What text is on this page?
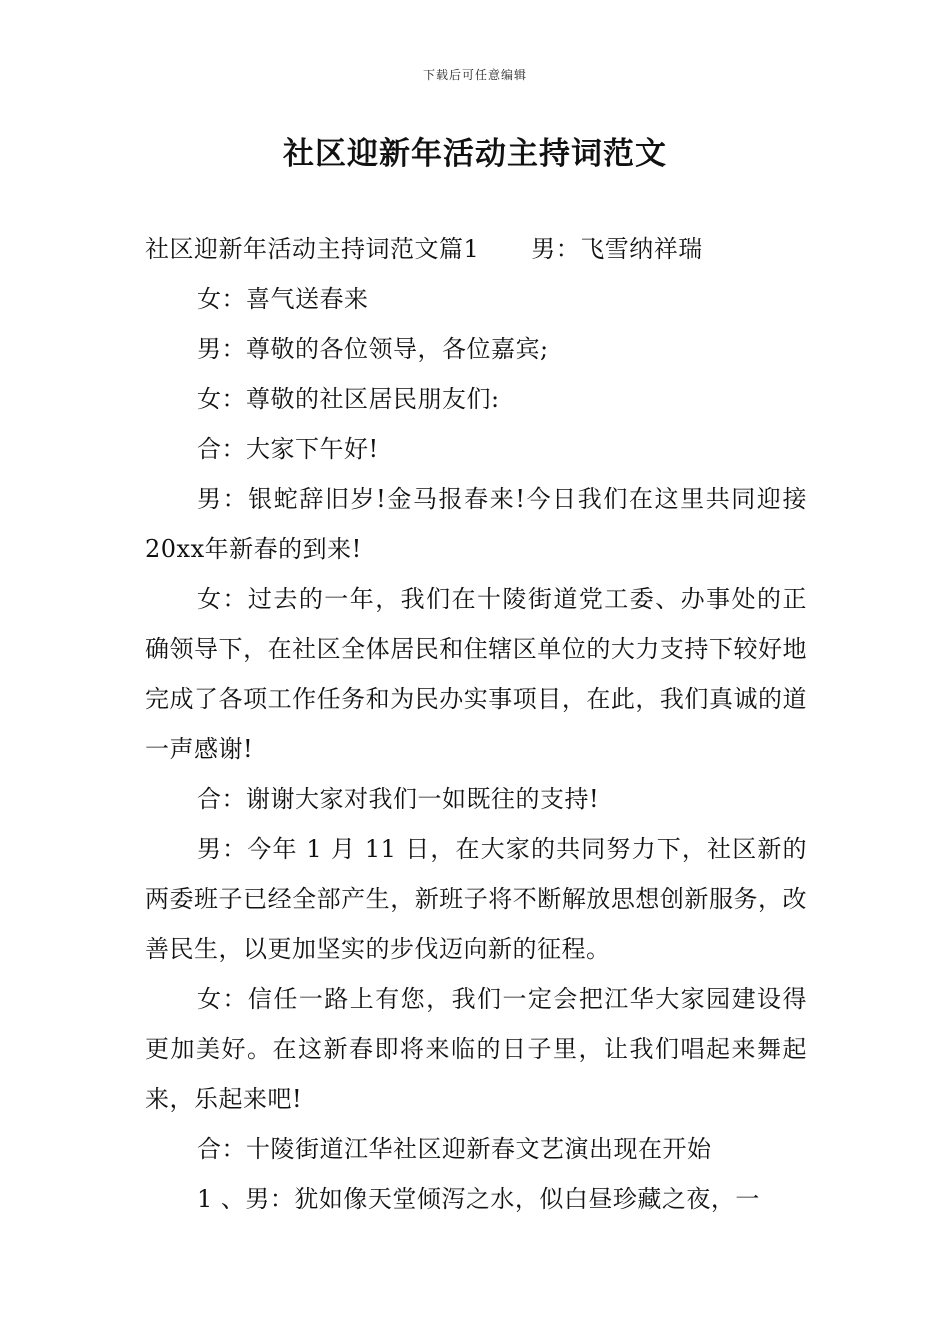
下载后可任意编辑
社区迎新年活动主持词范文

社区迎新年活动主持词范文篇1 男：飞雪纳祥瑞

女：喜气送春来

男：尊敬的各位领导，各位嘉宾;

女：尊敬的社区居民朋友们:

合：大家下午好!

男：银蛇辞旧岁!金马报春来!今日我们在这里共同迎接 20xx年新春的到来!

女：过去的一年，我们在十陵街道党工委、办事处的正确领导下，在社区全体居民和住辖区单位的大力支持下较好地完成了各项工作任务和为民办实事项目，在此，我们真诚的道一声感谢!

合：谢谢大家对我们一如既往的支持!

男：今年 1 月 11 日，在大家的共同努力下，社区新的两委班子已经全部产生，新班子将不断解放思想创新服务，改善民生，以更加坚实的步伐迈向新的征程。

女：信任一路上有您，我们一定会把江华大家园建设得更加美好。在这新春即将来临的日子里，让我们唱起来舞起来，乐起来吧!

合：十陵街道江华社区迎新春文艺演出现在开始

1 、男：犹如像天堂倾泻之水，似白昼珍藏之夜，一
